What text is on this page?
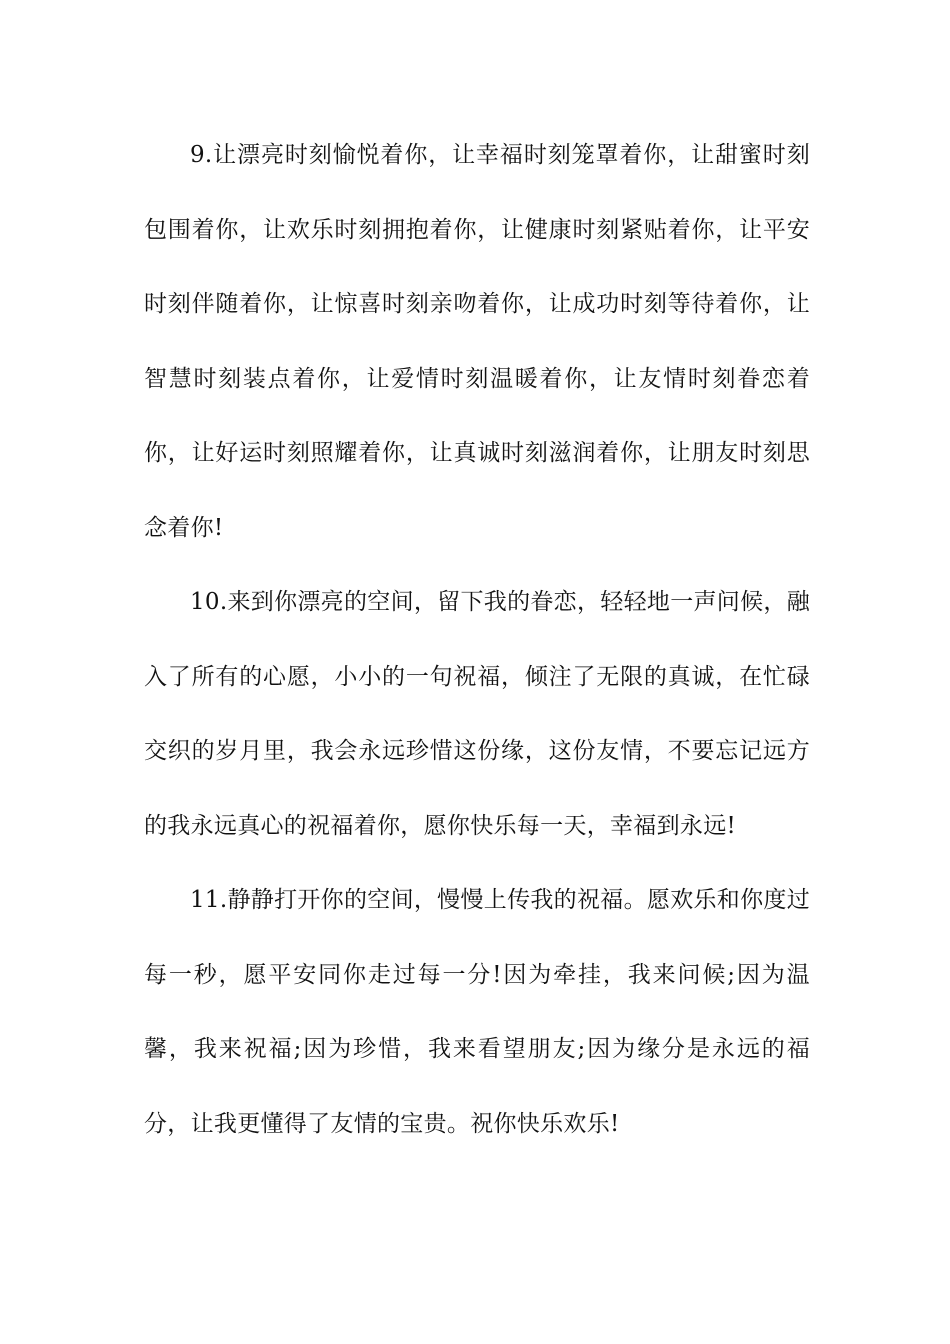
9.让漂亮时刻愉悦着你，让幸福时刻笼罩着你，让甜蜜时刻包围着你，让欢乐时刻拥抱着你，让健康时刻紧贴着你，让平安时刻伴随着你，让惊喜时刻亲吻着你，让成功时刻等待着你，让智慧时刻装点着你，让爱情时刻温暖着你，让友情时刻眷恋着你，让好运时刻照耀着你，让真诚时刻滋润着你，让朋友时刻思念着你!

10.来到你漂亮的空间，留下我的眷恋，轻轻地一声问候，融入了所有的心愿，小小的一句祝福，倾注了无限的真诚，在忙碌交织的岁月里，我会永远珍惜这份缘，这份友情，不要忘记远方的我永远真心的祝福着你，愿你快乐每一天，幸福到永远!

11.静静打开你的空间，慢慢上传我的祝福。愿欢乐和你度过每一秒，愿平安同你走过每一分!因为牵挂，我来问候;因为温馨，我来祝福;因为珍惜，我来看望朋友;因为缘分是永远的福分，让我更懂得了友情的宝贵。祝你快乐欢乐!
